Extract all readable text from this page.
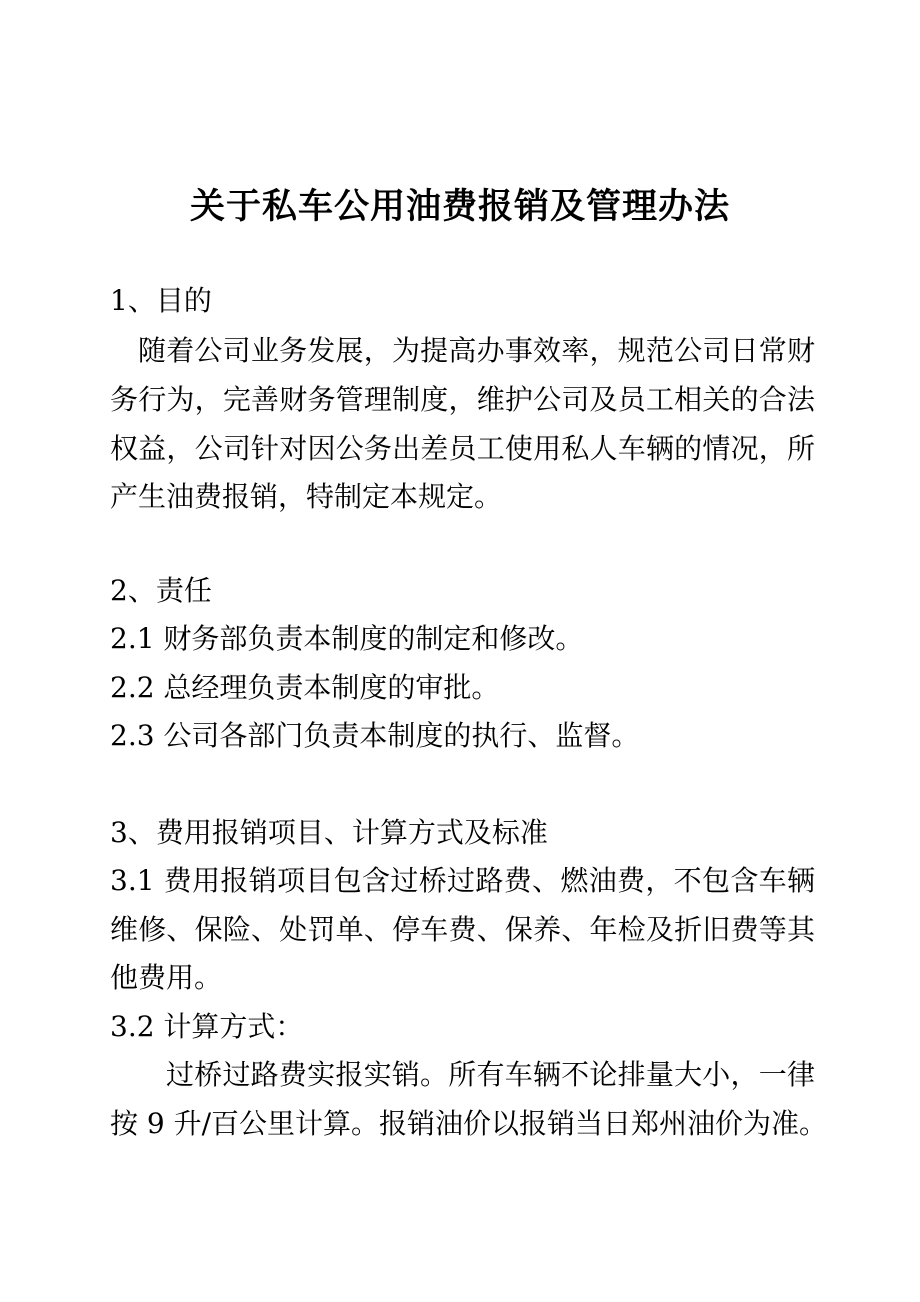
关于私车公用油费报销及管理办法

1、目的

随着公司业务发展，为提高办事效率，规范公司日常财

务行为，完善财务管理制度，维护公司及员工相关的合法

权益，公司针对因公务出差员工使用私人车辆的情况，所

产生油费报销，特制定本规定。

2、责任

2.1 财务部负责本制度的制定和修改。

2.2 总经理负责本制度的审批。

2.3 公司各部门负责本制度的执行、监督。

3、费用报销项目、计算方式及标准

3.1 费用报销项目包含过桥过路费、燃油费，不包含车辆

维修、保险、处罚单、停车费、保养、年检及折旧费等其

他费用。

3.2 计算方式：

过桥过路费实报实销。所有车辆不论排量大小，一律

按 9 升/百公里计算。报销油价以报销当日郑州油价为准。
